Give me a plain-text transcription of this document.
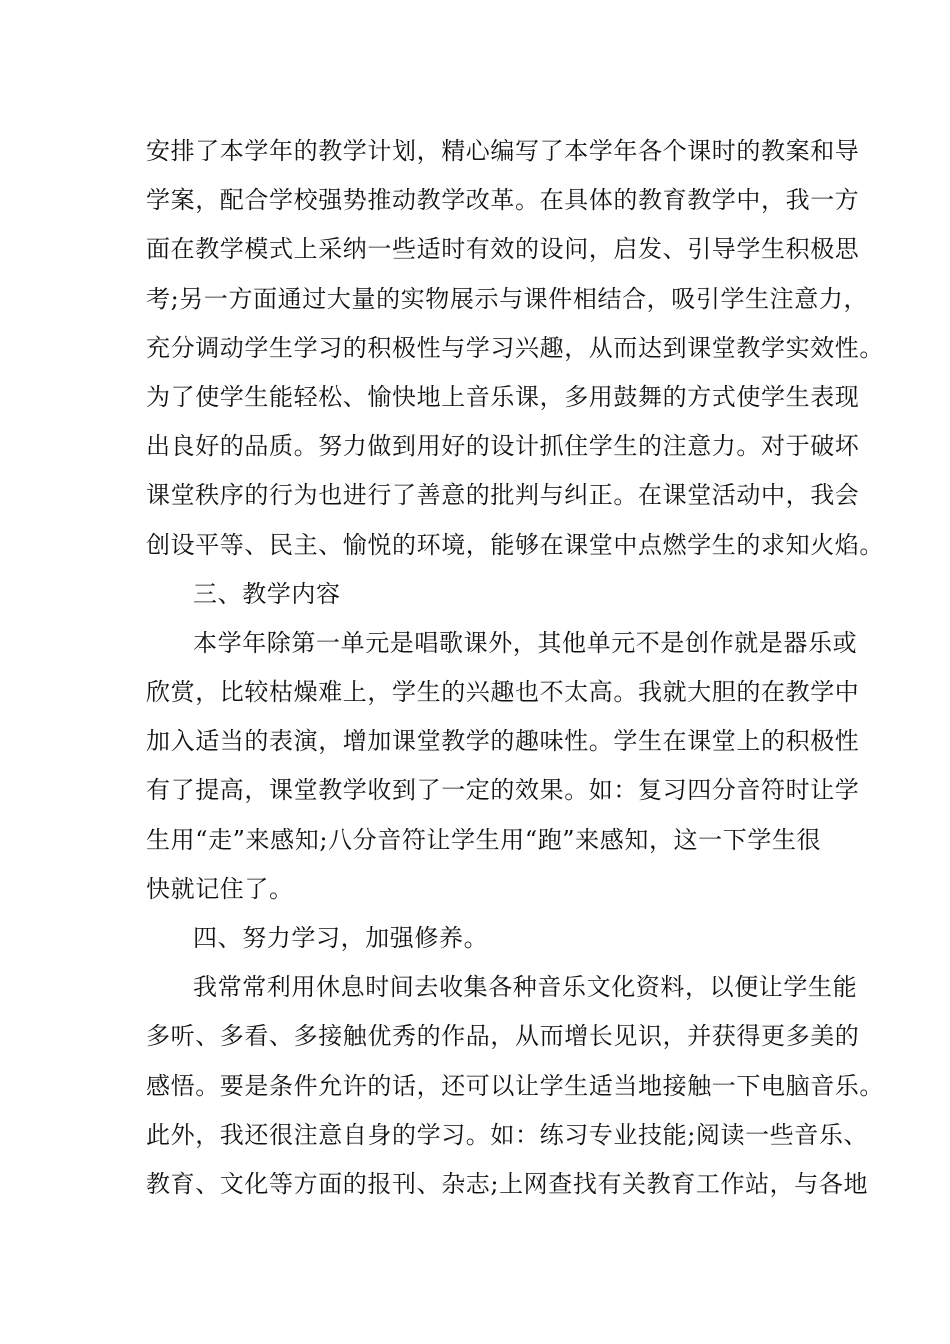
安排了本学年的教学计划，精心编写了本学年各个课时的教案和导
学案，配合学校强势推动教学改革。在具体的教育教学中，我一方
面在教学模式上采纳一些适时有效的设问，启发、引导学生积极思
考;另一方面通过大量的实物展示与课件相结合，吸引学生注意力，
充分调动学生学习的积极性与学习兴趣，从而达到课堂教学实效性。
为了使学生能轻松、愉快地上音乐课，多用鼓舞的方式使学生表现
出良好的品质。努力做到用好的设计抓住学生的注意力。对于破坏
课堂秩序的行为也进行了善意的批判与纠正。在课堂活动中，我会
创设平等、民主、愉悦的环境，能够在课堂中点燃学生的求知火焰。
三、教学内容
本学年除第一单元是唱歌课外，其他单元不是创作就是器乐或
欣赏，比较枯燥难上，学生的兴趣也不太高。我就大胆的在教学中
加入适当的表演，增加课堂教学的趣味性。学生在课堂上的积极性
有了提高，课堂教学收到了一定的效果。如：复习四分音符时让学
生用“走”来感知;八分音符让学生用“跑”来感知，这一下学生很
快就记住了。
四、努力学习，加强修养。
我常常利用休息时间去收集各种音乐文化资料，以便让学生能
多听、多看、多接触优秀的作品，从而增长见识，并获得更多美的
感悟。要是条件允许的话，还可以让学生适当地接触一下电脑音乐。
此外，我还很注意自身的学习。如：练习专业技能;阅读一些音乐、
教育、文化等方面的报刊、杂志;上网查找有关教育工作站，与各地
